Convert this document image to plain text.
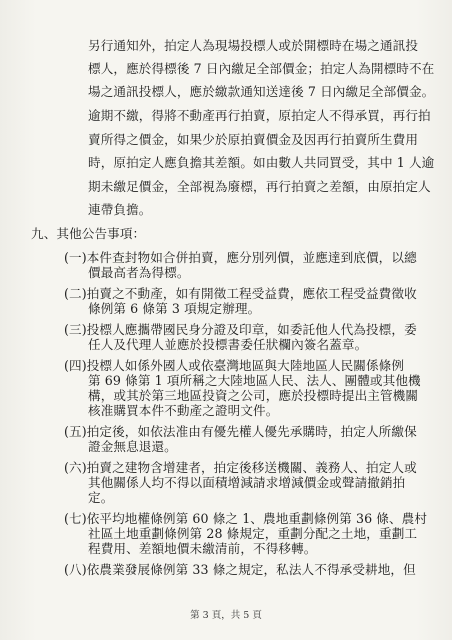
另行通知外，拍定人為現場投標人或於開標時在場之通訊投
標人，應於得標後 7 日內繳足全部價金；拍定人為開標時不在
場之通訊投標人，應於繳款通知送達後 7 日內繳足全部價金。
逾期不繳，得將不動產再行拍賣，原拍定人不得承買，再行拍
賣所得之價金，如果少於原拍賣價金及因再行拍賣所生費用
時，原拍定人應負擔其差額。如由數人共同買受，其中 1 人逾
期未繳足價金，全部視為廢標，再行拍賣之差額，由原拍定人
連帶負擔。
九、其他公告事項：
(一)本件查封物如合併拍賣，應分別列價，並應達到底價，以總
價最高者為得標。
(二)拍賣之不動產，如有開徵工程受益費，應依工程受益費徵收
條例第 6 條第 3 項規定辦理。
(三)投標人應攜帶國民身分證及印章，如委託他人代為投標，委
任人及代理人並應於投標書委任狀欄內簽名蓋章。
(四)投標人如係外國人或依臺灣地區與大陸地區人民關係條例
第 69 條第 1 項所稱之大陸地區人民、法人、團體或其他機
構，或其於第三地區投資之公司，應於投標時提出主管機關
核准購買本件不動產之證明文件。
(五)拍定後，如依法准由有優先權人優先承購時，拍定人所繳保
證金無息退還。
(六)拍賣之建物含增建者，拍定後移送機關、義務人、拍定人或
其他關係人均不得以面積增減請求增減價金或聲請撤銷拍
定。
(七)依平均地權條例第 60 條之 1、農地重劃條例第 36 條、農村
社區土地重劃條例第 28 條規定，重劃分配之土地，重劃工
程費用、差額地價未繳清前，不得移轉。
(八)依農業發展條例第 33 條之規定，私法人不得承受耕地，但
第 3 頁，共 5 頁
